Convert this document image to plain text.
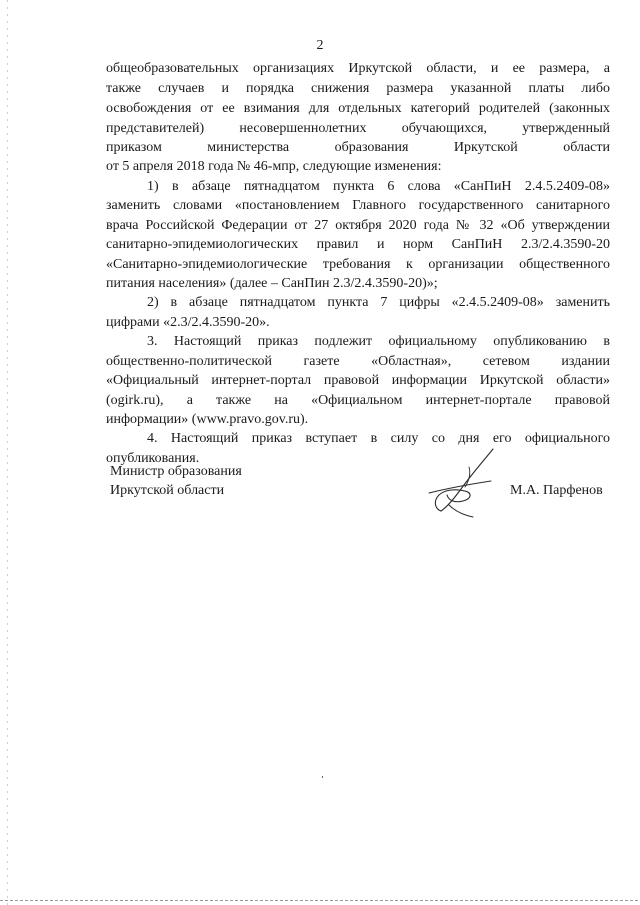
2
общеобразовательных организациях Иркутской области, и ее размера, а
также случаев и порядка снижения размера указанной платы либо
освобождения от ее взимания для отдельных категорий родителей (законных
представителей) несовершеннолетних обучающихся, утвержденный
приказом министерства образования Иркутской области
от 5 апреля 2018 года № 46-мпр, следующие изменения:
1) в абзаце пятнадцатом пункта 6 слова «СанПиН 2.4.5.2409-08»
заменить словами «постановлением Главного государственного санитарного
врача Российской Федерации от 27 октября 2020 года № 32 «Об утверждении
санитарно-эпидемиологических правил и норм СанПиН 2.3/2.4.3590-20
«Санитарно-эпидемиологические требования к организации общественного
питания населения» (далее – СанПин 2.3/2.4.3590-20)»;
2) в абзаце пятнадцатом пункта 7 цифры «2.4.5.2409-08» заменить
цифрами «2.3/2.4.3590-20».
3. Настоящий приказ подлежит официальному опубликованию в
общественно-политической газете «Областная», сетевом издании
«Официальный интернет-портал правовой информации Иркутской области»
(ogirk.ru), а также на «Официальном интернет-портале правовой
информации» (www.pravo.gov.ru).
4. Настоящий приказ вступает в силу со дня его официального
опубликования.
Министр образования
Иркутской области	М.А. Парфенов
